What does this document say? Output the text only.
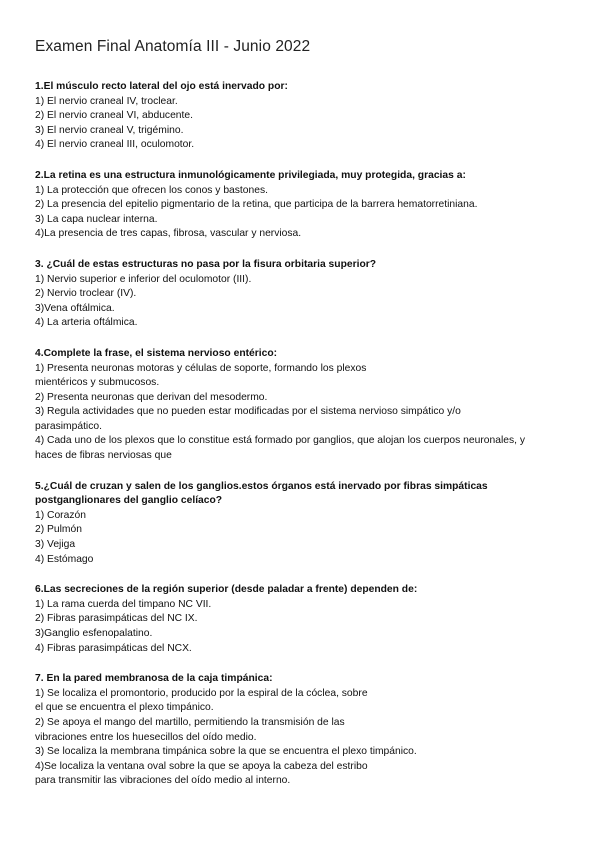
Examen Final Anatomía III - Junio 2022

1.El músculo recto lateral del ojo está inervado por:

1) El nervio craneal IV, troclear.

2) El nervio craneal VI, abducente.

3) El nervio craneal V, trigémino.

4) El nervio craneal III, oculomotor.

2.La retina es una estructura inmunológicamente privilegiada, muy protegida, gracias a:

1) La protección que ofrecen los conos y bastones.

2) La presencia del epitelio pigmentario de la retina, que participa de la barrera hematorretiniana.

3) La capa nuclear interna.

4)La presencia de tres capas, fibrosa, vascular y nerviosa.

3. ¿Cuál de estas estructuras no pasa por la fisura orbitaria superior?

1) Nervio superior e inferior del oculomotor (III).

2) Nervio troclear (IV).

3)Vena oftálmica.

4) La arteria oftálmica.

4.Complete la frase, el sistema nervioso entérico:

1) Presenta neuronas motoras y células de soporte, formando los plexos

mientéricos y submucosos.

2) Presenta neuronas que derivan del mesodermo.

3) Regula actividades que no pueden estar modificadas por el sistema nervioso simpático y/o

parasimpático.

4) Cada uno de los plexos que lo constitue está formado por ganglios, que alojan los cuerpos neuronales, y

haces de fibras nerviosas que

5.¿Cuál de cruzan y salen de los ganglios.estos órganos está inervado por fibras simpáticas

postganglionares del ganglio celíaco?

1) Corazón

2) Pulmón

3) Vejiga

4) Estómago

6.Las secreciones de la región superior (desde paladar a frente) dependen de:

1) La rama cuerda del timpano NC VII.

2) Fibras parasimpáticas del NC IX.

3)Ganglio esfenopalatino.

4) Fibras parasimpáticas del NCX.

7. En la pared membranosa de la caja timpánica:

1) Se localiza el promontorio, producido por la espiral de la cóclea, sobre

el que se encuentra el plexo timpánico.

2) Se apoya el mango del martillo, permitiendo la transmisión de las

vibraciones entre los huesecillos del oído medio.

3) Se localiza la membrana timpánica sobre la que se encuentra el plexo timpánico.

4)Se localiza la ventana oval sobre la que se apoya la cabeza del estribo

para transmitir las vibraciones del oído medio al interno.
